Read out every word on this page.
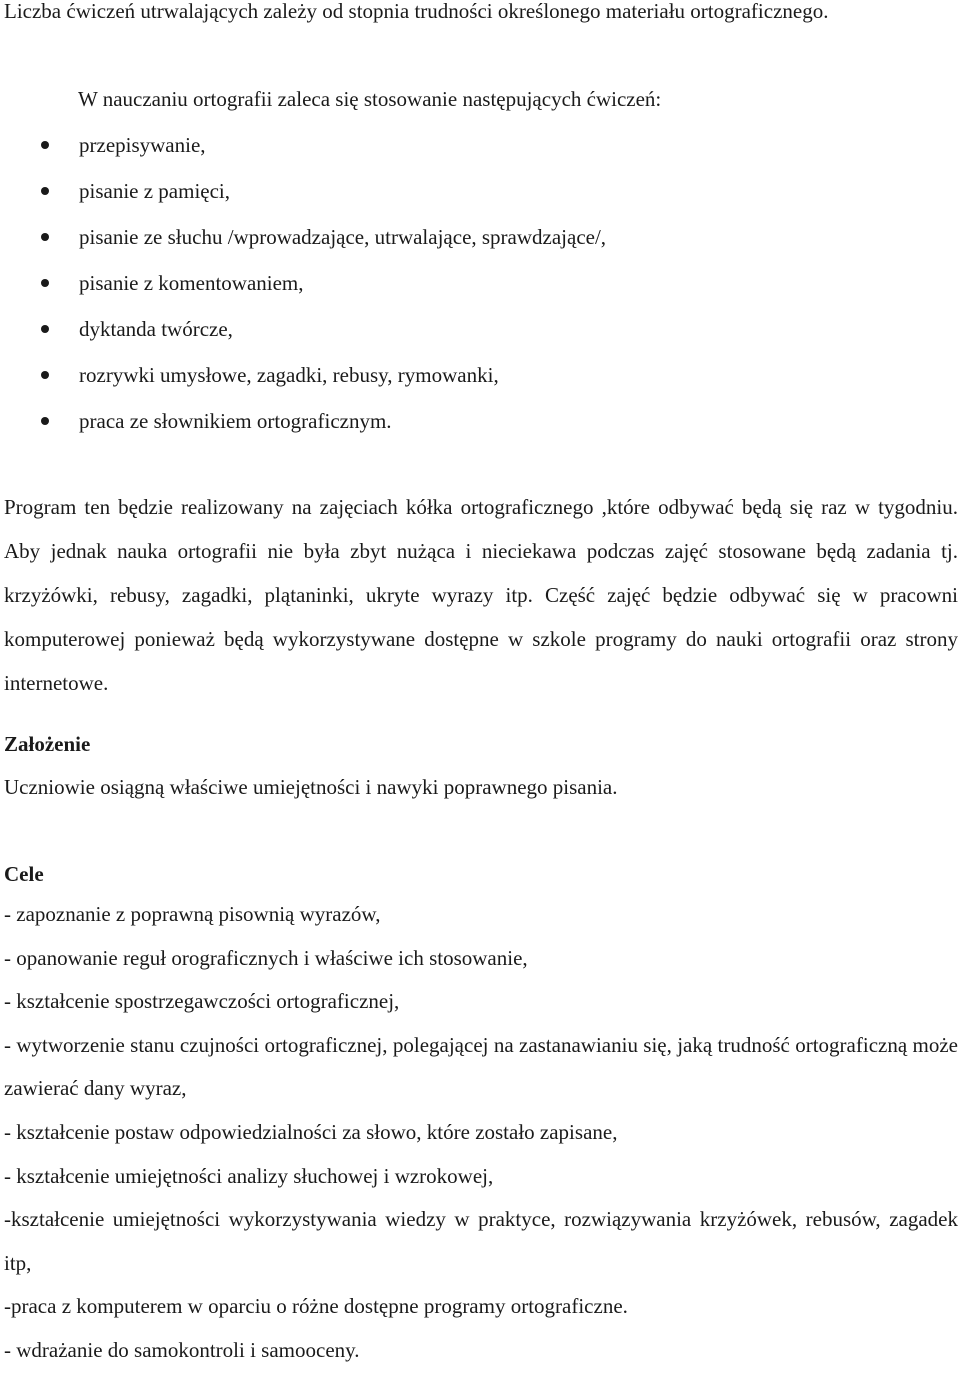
Liczba ćwiczeń utrwalających zależy od stopnia trudności określonego materiału ortograficznego.

W nauczaniu ortografii zaleca się stosowanie następujących ćwiczeń:

przepisywanie,
pisanie z pamięci,
pisanie ze słuchu /wprowadzające, utrwalające, sprawdzające/,
pisanie z komentowaniem,
dyktanda twórcze,
rozrywki umysłowe, zagadki, rebusy, rymowanki,
praca ze słownikiem ortograficznym.

Program ten będzie realizowany na zajęciach kółka ortograficznego ,które odbywać będą się raz w tygodniu. Aby jednak nauka ortografii nie była zbyt nużąca i nieciekawa podczas zajęć stosowane będą zadania tj. krzyżówki, rebusy, zagadki, plątaninki, ukryte wyrazy itp. Część zajęć będzie odbywać się w pracowni komputerowej ponieważ będą wykorzystywane dostępne w szkole programy do nauki ortografii oraz strony internetowe.

Założenie

Uczniowie osiągną właściwe umiejętności i nawyki poprawnego pisania.

Cele
- zapoznanie z poprawną pisownią wyrazów,
- opanowanie reguł orograficznych i właściwe ich stosowanie,
- kształcenie spostrzegawczości ortograficznej,
- wytworzenie stanu czujności ortograficznej, polegającej na zastanawianiu się, jaką trudność ortograficzną może zawierać dany wyraz,
- kształcenie postaw odpowiedzialności za słowo, które zostało zapisane,
- kształcenie umiejętności analizy słuchowej i wzrokowej,
-kształcenie umiejętności wykorzystywania wiedzy w praktyce, rozwiązywania krzyżówek, rebusów, zagadek itp,
-praca z komputerem w oparciu o różne dostępne programy ortograficzne.
- wdrażanie do samokontroli i samooceny.
